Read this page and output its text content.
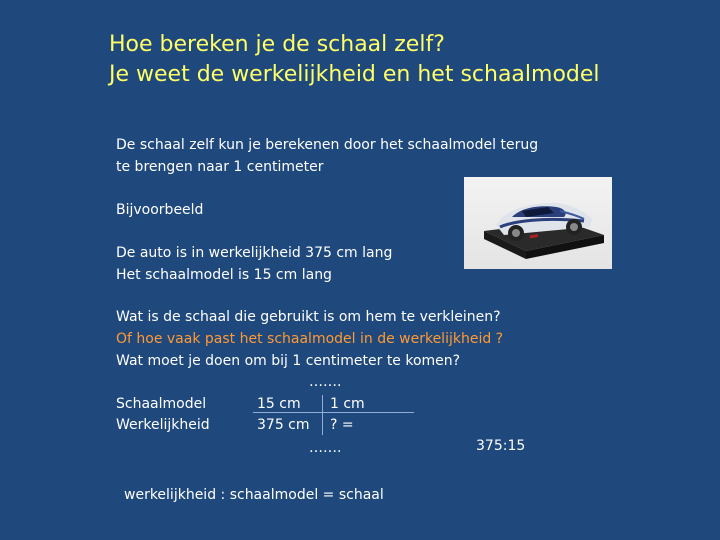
Hoe bereken je de schaal zelf?
Je weet de werkelijkheid en het schaalmodel
De schaal zelf kun je berekenen door het schaalmodel terug
te brengen naar 1 centimeter
Bijvoorbeeld
De auto is in werkelijkheid 375 cm lang
Het schaalmodel is 15 cm lang
Wat is de schaal die gebruikt is om hem te verkleinen?
Of hoe vaak past het schaalmodel in de werkelijkheid ?
Wat moet je doen om bij 1 centimeter te komen?
…….
Schaalmodel	15 cm 1 cm
Werkelijkheid	375 cm ? =
…….	375:15
werkelijkheid : schaalmodel = schaal
